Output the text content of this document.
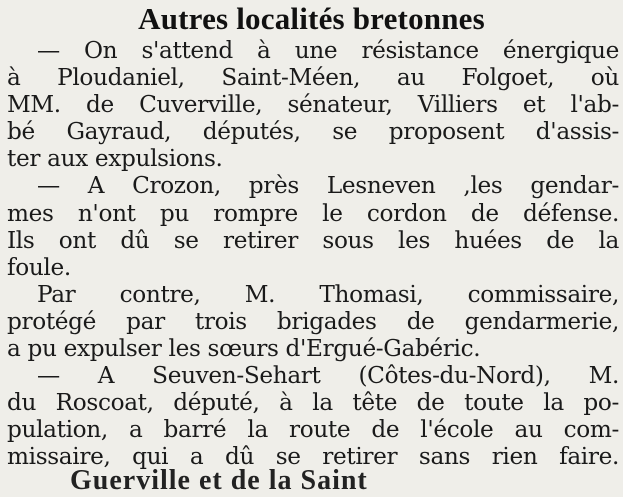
Autres localités bretonnes
— On s'attend à une résistance énergique
à Ploudaniel, Saint-Méen, au Folgoet, où
MM. de Cuverville, sénateur, Villiers et l'ab-
bé Gayraud, députés, se proposent d'assis-
ter aux expulsions.
— A Crozon, près Lesneven ,les gendar-
mes n'ont pu rompre le cordon de défense.
Ils ont dû se retirer sous les huées de la
foule.
Par contre, M. Thomasi, commissaire,
protégé par trois brigades de gendarmerie,
a pu expulser les sœurs d'Ergué-Gabéric.
— A Seuven-Sehart (Côtes-du-Nord), M.
du Roscoat, député, à la tête de toute la po-
pulation, a barré la route de l'école au com-
missaire, qui a dû se retirer sans rien faire.
Guerville et de la Saint
